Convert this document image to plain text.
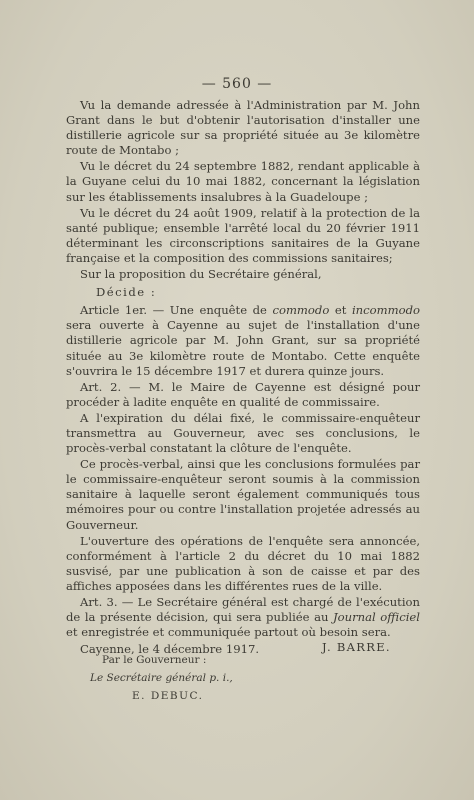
— 560 —

Vu la demande adressée à l'Administration par M. John Grant dans le but d'obtenir l'autorisation d'installer une distillerie agricole sur sa propriété située au 3e kilomètre route de Montabo ;

Vu le décret du 24 septembre 1882, rendant applicable à la Guyane celui du 10 mai 1882, concernant la législation sur les établissements insalubres à la Guadeloupe ;

Vu le décret du 24 août 1909, relatif à la protection de la santé publique; ensemble l'arrêté local du 20 février 1911 déterminant les circonscriptions sanitaires de la Guyane française et la composition des commissions sanitaires;

Sur la proposition du Secrétaire général,

Décide :

Article 1er. — Une enquête de commodo et incommodo sera ouverte à Cayenne au sujet de l'installation d'une distillerie agricole par M. John Grant, sur sa propriété située au 3e kilomètre route de Montabo. Cette enquête s'ouvrira le 15 décembre 1917 et durera quinze jours.

Art. 2. — M. le Maire de Cayenne est désigné pour procéder à ladite enquête en qualité de commissaire.

A l'expiration du délai fixé, le commissaire-enquêteur transmettra au Gouverneur, avec ses conclusions, le procès-verbal constatant la clôture de l'enquête.

Ce procès-verbal, ainsi que les conclusions formulées par le commissaire-enquêteur seront soumis à la commission sanitaire à laquelle seront également communiqués tous mémoires pour ou contre l'installation projetée adressés au Gouverneur.

L'ouverture des opérations de l'enquête sera annoncée, conformément à l'article 2 du décret du 10 mai 1882 susvisé, par une publication à son de caisse et par des affiches apposées dans les différentes rues de la ville.

Art. 3. — Le Secrétaire général est chargé de l'exécution de la présente décision, qui sera publiée au Journal officiel et enregistrée et communiquée partout où besoin sera.

Cayenne, le 4 décembre 1917.	J. BARRE.
Par le Gouverneur :
Le Secrétaire général p. i.,
E. DEBUC.
